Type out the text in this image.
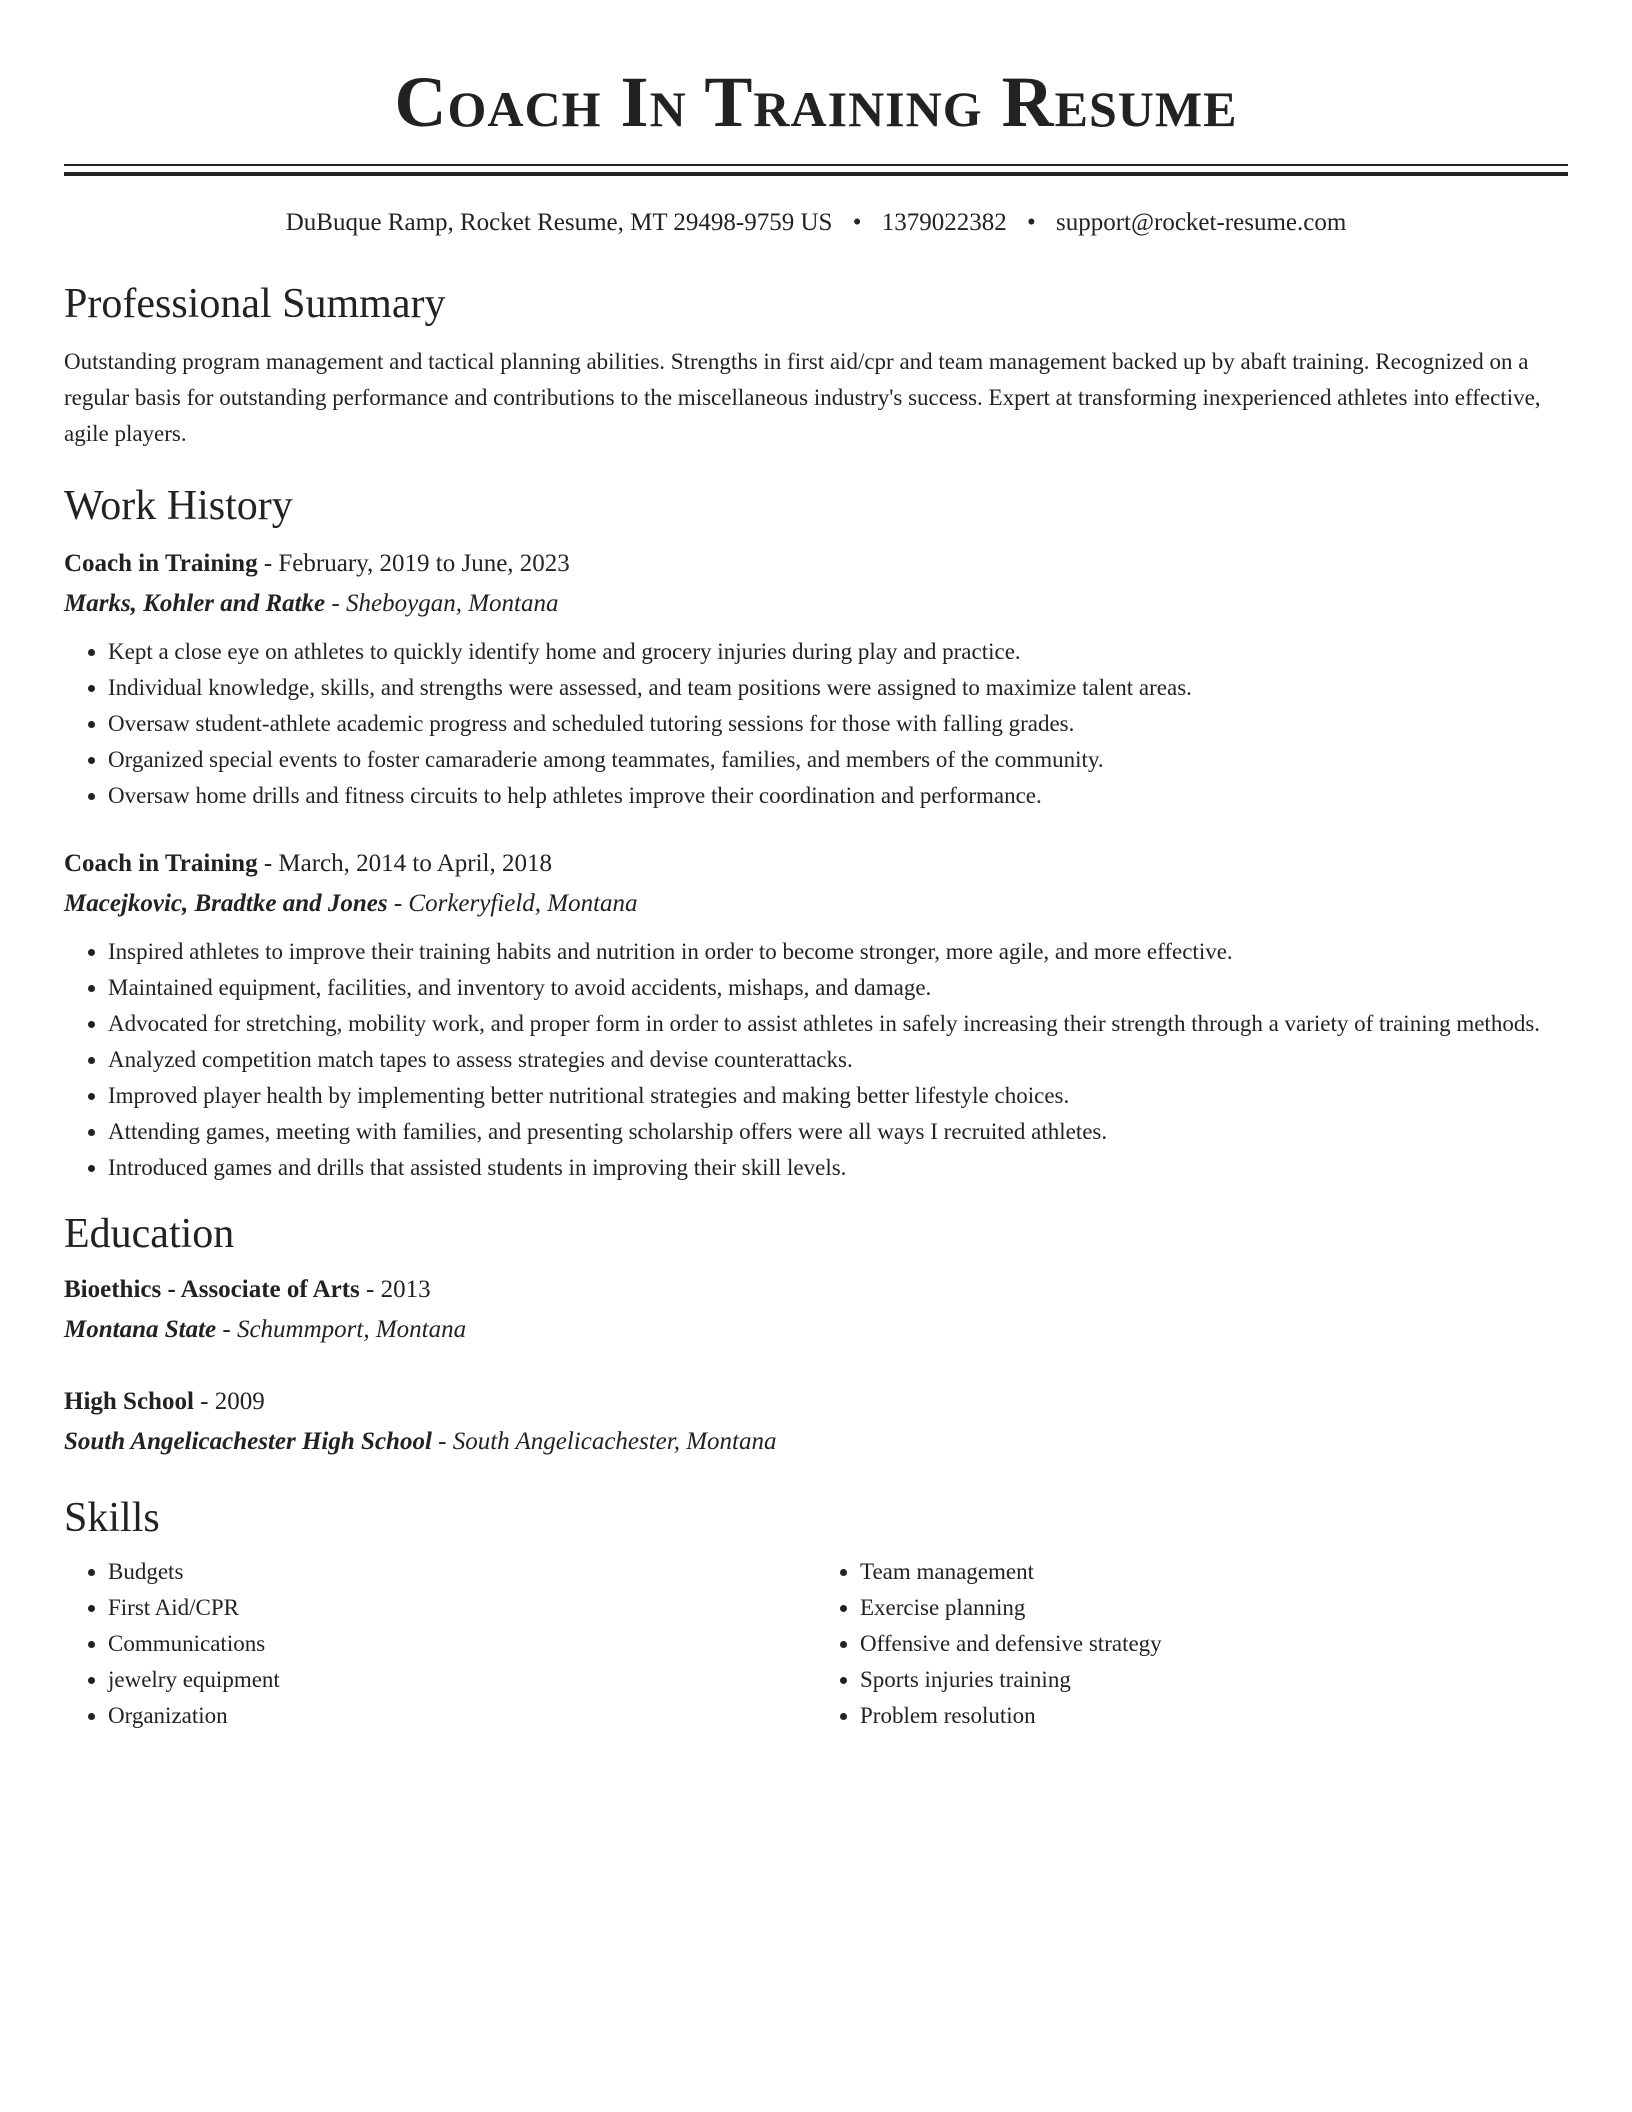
Coach In Training Resume
DuBuque Ramp, Rocket Resume, MT 29498-9759 US • 1379022382 • support@rocket-resume.com
Professional Summary
Outstanding program management and tactical planning abilities. Strengths in first aid/cpr and team management backed up by abaft training. Recognized on a regular basis for outstanding performance and contributions to the miscellaneous industry's success. Expert at transforming inexperienced athletes into effective, agile players.
Work History
Coach in Training - February, 2019 to June, 2023
Marks, Kohler and Ratke - Sheboygan, Montana
• Kept a close eye on athletes to quickly identify home and grocery injuries during play and practice.
• Individual knowledge, skills, and strengths were assessed, and team positions were assigned to maximize talent areas.
• Oversaw student-athlete academic progress and scheduled tutoring sessions for those with falling grades.
• Organized special events to foster camaraderie among teammates, families, and members of the community.
• Oversaw home drills and fitness circuits to help athletes improve their coordination and performance.
Coach in Training - March, 2014 to April, 2018
Macejkovic, Bradtke and Jones - Corkeryfield, Montana
• Inspired athletes to improve their training habits and nutrition in order to become stronger, more agile, and more effective.
• Maintained equipment, facilities, and inventory to avoid accidents, mishaps, and damage.
• Advocated for stretching, mobility work, and proper form in order to assist athletes in safely increasing their strength through a variety of training methods.
• Analyzed competition match tapes to assess strategies and devise counterattacks.
• Improved player health by implementing better nutritional strategies and making better lifestyle choices.
• Attending games, meeting with families, and presenting scholarship offers were all ways I recruited athletes.
• Introduced games and drills that assisted students in improving their skill levels.
Education
Bioethics - Associate of Arts - 2013
Montana State - Schummport, Montana
High School - 2009
South Angelicachester High School - South Angelicachester, Montana
Skills
• Budgets
• First Aid/CPR
• Communications
• jewelry equipment
• Organization
• Team management
• Exercise planning
• Offensive and defensive strategy
• Sports injuries training
• Problem resolution
